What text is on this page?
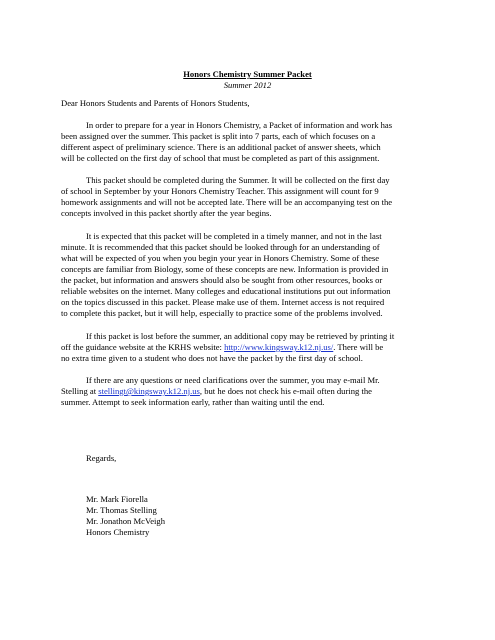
Honors Chemistry Summer Packet
Summer 2012
Dear Honors Students and Parents of Honors Students,
In order to prepare for a year in Honors Chemistry, a Packet of information and work has
been assigned over the summer. This packet is split into 7 parts, each of which focuses on a
different aspect of preliminary science. There is an additional packet of answer sheets, which
will be collected on the first day of school that must be completed as part of this assignment.
This packet should be completed during the Summer. It will be collected on the first day
of school in September by your Honors Chemistry Teacher. This assignment will count for 9
homework assignments and will not be accepted late. There will be an accompanying test on the
concepts involved in this packet shortly after the year begins.
It is expected that this packet will be completed in a timely manner, and not in the last
minute. It is recommended that this packet should be looked through for an understanding of
what will be expected of you when you begin your year in Honors Chemistry. Some of these
concepts are familiar from Biology, some of these concepts are new. Information is provided in
the packet, but information and answers should also be sought from other resources, books or
reliable websites on the internet. Many colleges and educational institutions put out information
on the topics discussed in this packet. Please make use of them. Internet access is not required
to complete this packet, but it will help, especially to practice some of the problems involved.
If this packet is lost before the summer, an additional copy may be retrieved by printing it
off the guidance website at the KRHS website: http://www.kingsway.k12.nj.us/. There will be
no extra time given to a student who does not have the packet by the first day of school.
If there are any questions or need clarifications over the summer, you may e-mail Mr.
Stelling at stellingt@kingsway.k12.nj.us, but he does not check his e-mail often during the
summer. Attempt to seek information early, rather than waiting until the end.
Regards,
Mr. Mark Fiorella
Mr. Thomas Stelling
Mr. Jonathon McVeigh
Honors Chemistry
